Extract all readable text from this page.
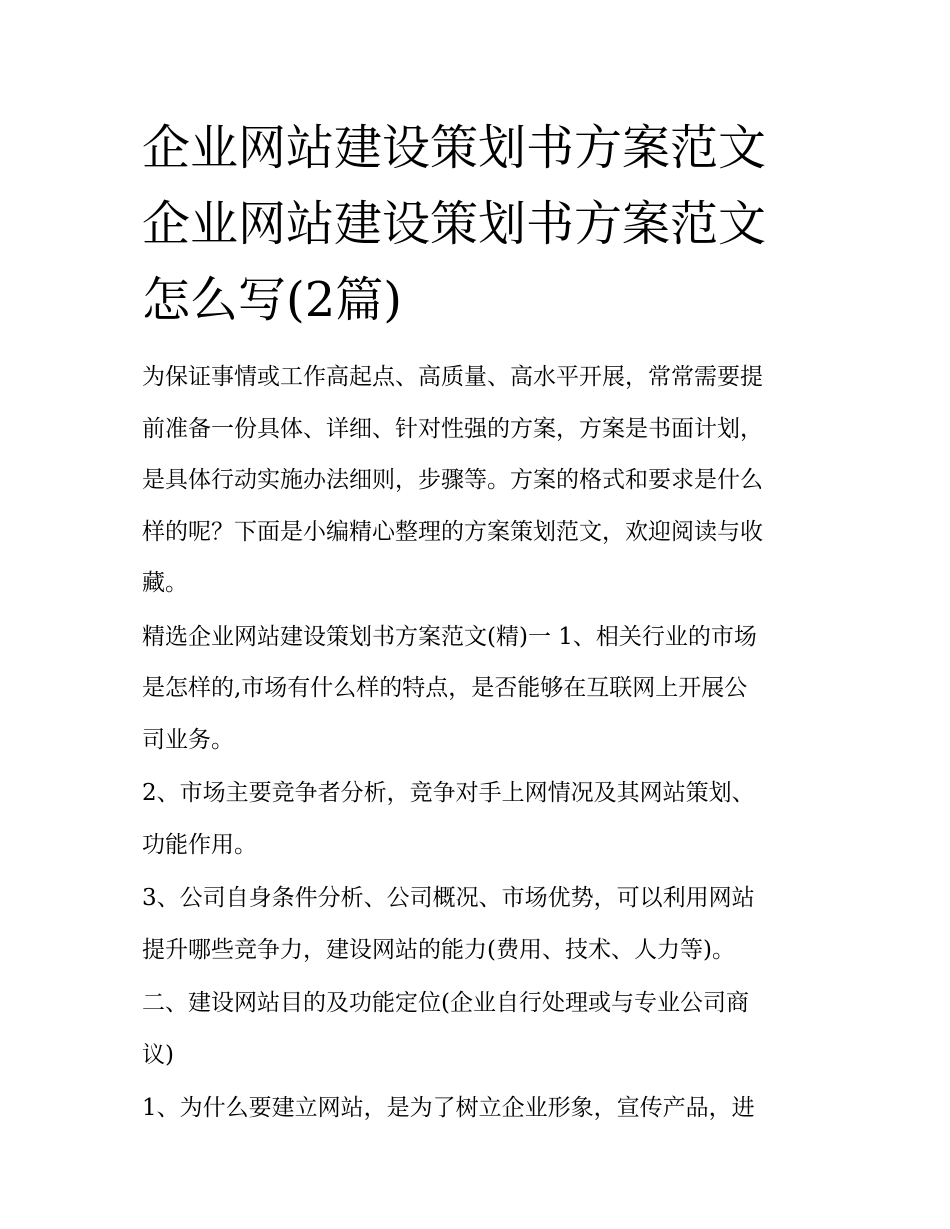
企业网站建设策划书方案范文
企业网站建设策划书方案范文
怎么写(2篇)

为保证事情或工作高起点、高质量、高水平开展，常常需要提
前准备一份具体、详细、针对性强的方案，方案是书面计划，
是具体行动实施办法细则，步骤等。方案的格式和要求是什么
样的呢？下面是小编精心整理的方案策划范文，欢迎阅读与收
藏。

精选企业网站建设策划书方案范文(精)一 1、相关行业的市场
是怎样的,市场有什么样的特点，是否能够在互联网上开展公
司业务。

2、市场主要竞争者分析，竞争对手上网情况及其网站策划、
功能作用。

3、公司自身条件分析、公司概况、市场优势，可以利用网站
提升哪些竞争力，建设网站的能力(费用、技术、人力等)。

二、建设网站目的及功能定位(企业自行处理或与专业公司商
议)

1、为什么要建立网站，是为了树立企业形象，宣传产品，进
